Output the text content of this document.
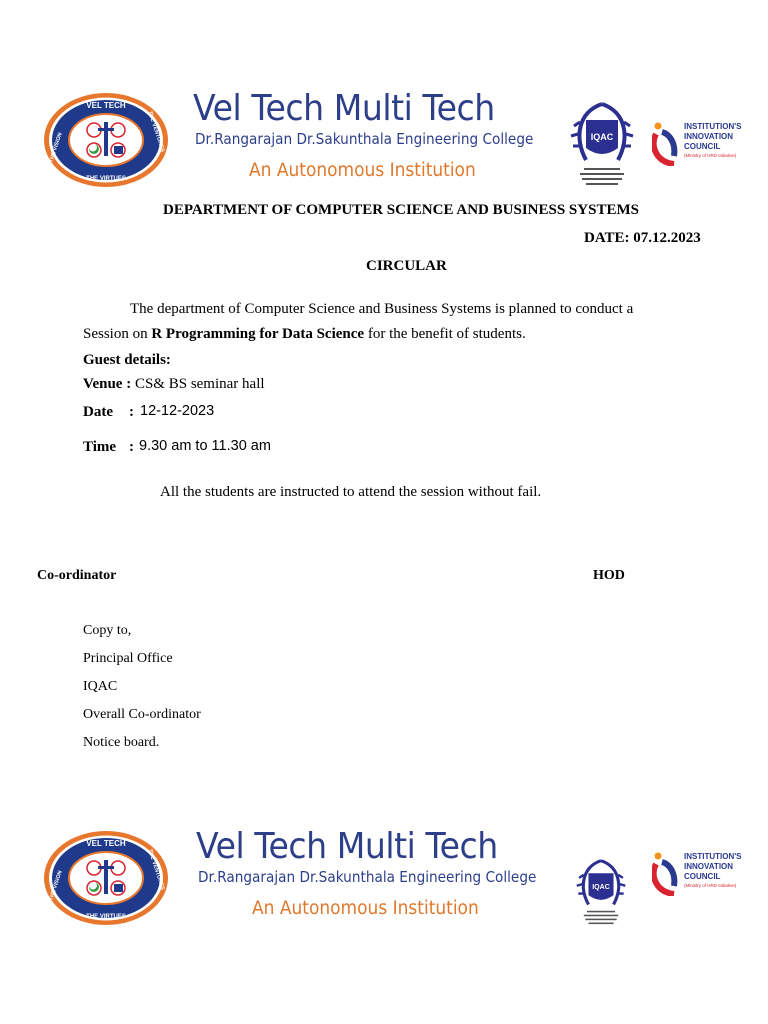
VEL TECH
THE VIRTUES
THE VISION	THE VENTURES
Vel Tech Multi Tech
Dr.Rangarajan Dr.Sakunthala Engineering College
An Autonomous Institution
IQAC
INSTITUTION'S
INNOVATION
COUNCIL
(Ministry of HRD Initiative)
DEPARTMENT OF COMPUTER SCIENCE AND BUSINESS SYSTEMS
DATE: 07.12.2023
CIRCULAR
The department of Computer Science and Business Systems is planned to conduct a
Session on R Programming for Data Science for the benefit of students.
Guest details:
Venue : CS& BS seminar hall
Date : 12-12-2023
Time : 9.30 am to 11.30 am
All the students are instructed to attend the session without fail.
Co-ordinator	HOD
Copy to,
Principal Office
IQAC
Overall Co-ordinator
Notice board.
VEL TECH
THE VIRTUES
THE VISION	THE VENTURES
Vel Tech Multi Tech
Dr.Rangarajan Dr.Sakunthala Engineering College
An Autonomous Institution
IQAC
INSTITUTION'S
INNOVATION
COUNCIL
(Ministry of HRD Initiative)
